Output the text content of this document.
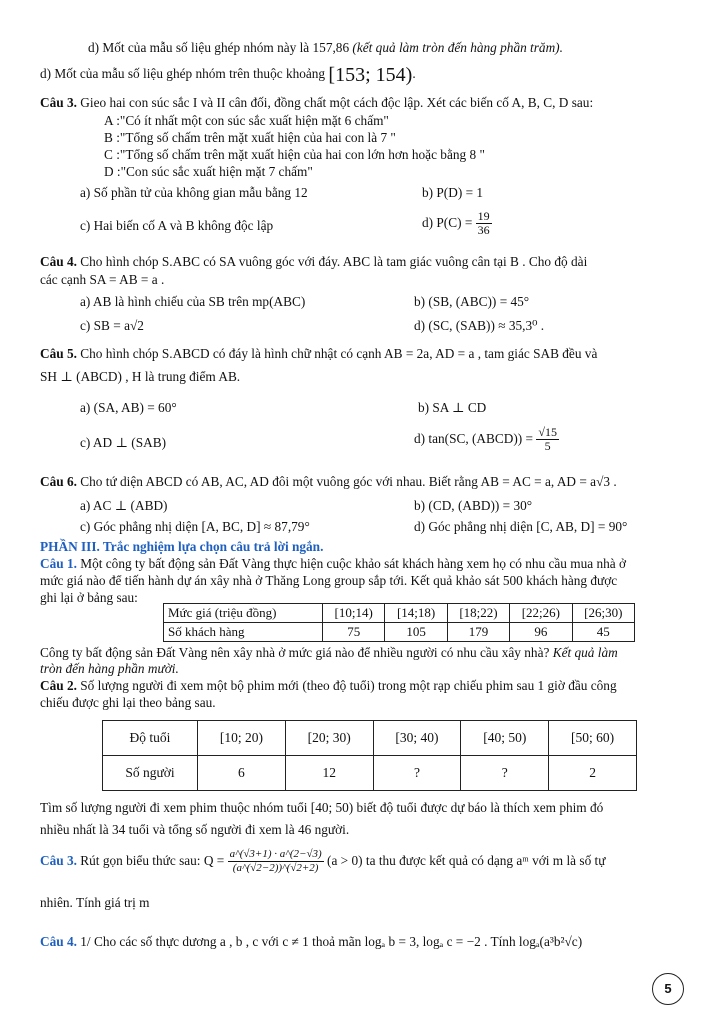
d) Mốt của mẫu số liệu ghép nhóm này là 157,86 (kết quả làm tròn đến hàng phần trăm).
d) Mốt của mẫu số liệu ghép nhóm trên thuộc khoảng [153; 154).
Câu 3. Gieo hai con súc sắc I và II cân đối, đồng chất một cách độc lập. Xét các biến cố A, B, C, D sau:
A :"Có ít nhất một con súc sắc xuất hiện mặt 6 chấm"
B :"Tổng số chấm trên mặt xuất hiện của hai con là 7 "
C :"Tổng số chấm trên mặt xuất hiện của hai con lớn hơn hoặc bằng 8 "
D :"Con súc sắc xuất hiện mặt 7 chấm"
a) Số phần tử của không gian mẫu bằng 12	b) P(D) = 1
c) Hai biến cố A và B không độc lập	d) $P(C) = \frac{19}{36}$
Câu 4. Cho hình chóp S.ABC có SA vuông góc với đáy. ABC là tam giác vuông cân tại B . Cho độ dài
các cạnh SA = AB = a .
a) AB là hình chiếu của SB trên mp(ABC)	b) (SB, (ABC)) = 45°
c) SB = a√2	d) (SC, (SAB)) ≈ 35,3⁰ .
Câu 5. Cho hình chóp S.ABCD có đáy là hình chữ nhật có cạnh AB = 2a, AD = a , tam giác SAB đều và
SH ⊥ (ABCD) , H là trung điểm AB.
a) (SA, AB) = 60°	b) SA ⊥ CD
c) AD ⊥ (SAB)	d) tan(SC, (ABCD)) = $\frac{√15}{5}$
Câu 6. Cho tứ diện ABCD có AB, AC, AD đôi một vuông góc với nhau. Biết rằng AB = AC = a, AD = a√3 .
a) AC ⊥ (ABD)	b) (CD, (ABD)) = 30°
c) Góc phẳng nhị diện [A, BC, D] ≈ 87,79°	d) Góc phẳng nhị diện [C, AB, D] = 90°
PHẦN III. Trắc nghiệm lựa chọn câu trả lời ngắn.
Câu 1. Một công ty bất động sản Đất Vàng thực hiện cuộc khảo sát khách hàng xem họ có nhu cầu mua nhà ở
mức giá nào để tiến hành dự án xây nhà ở Thăng Long group sắp tới. Kết quả khảo sát 500 khách hàng được
ghi lại ở bảng sau:
Mức giá (triệu đồng)	[10;14)	[14;18)	[18;22)	[22;26)	[26;30)
Số khách hàng	75	105	179	96	45
Công ty bất động sản Đất Vàng nên xây nhà ở mức giá nào để nhiều người có nhu cầu xây nhà? Kết quả làm
tròn đến hàng phần mười.
Câu 2. Số lượng người đi xem một bộ phim mới (theo độ tuổi) trong một rạp chiếu phim sau 1 giờ đầu công
chiếu được ghi lại theo bảng sau.
Độ tuổi	[10; 20)	[20; 30)	[30; 40)	[40; 50)	[50; 60)
Số người	6	12	?	?	2
Tìm số lượng người đi xem phim thuộc nhóm tuổi [40; 50) biết độ tuổi được dự báo là thích xem phim đó
nhiều nhất là 34 tuổi và tổng số người đi xem là 46 người.
Câu 3. Rút gọn biểu thức sau: $Q = \frac{a\^{}(√3+1) \cdot a\^{}(2-√3)}{(a\^{}(√2-2))\^{}(√2+2)} (a > 0)$ ta thu được kết quả có dạng aᵐ với m là số tự
nhiên. Tính giá trị m
Câu 4. 1/ Cho các số thực dương a , b , c với c ≠ 1 thoả mãn logₐ b = 3, logₐ c = −2 . Tính logₐ(a³b²√c)
5
